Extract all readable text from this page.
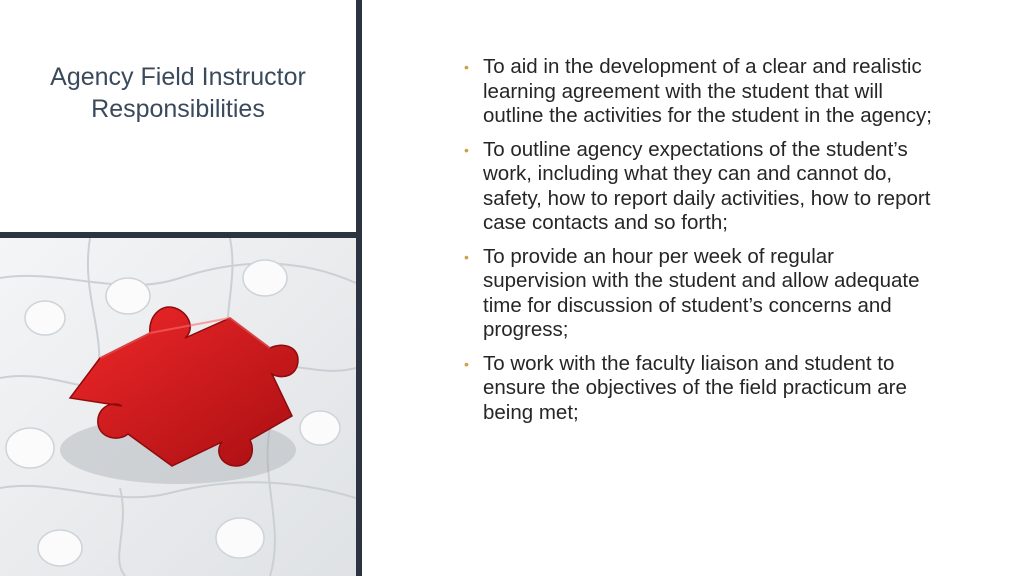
Agency Field Instructor Responsibilities
• To aid in the development of a clear and realistic learning agreement with the student that will outline the activities for the student in the agency;
• To outline agency expectations of the student’s work, including what they can and cannot do, safety, how to report daily activities, how to report case contacts and so forth;
• To provide an hour per week of regular supervision with the student and allow adequate time for discussion of student’s concerns and progress;
• To work with the faculty liaison and student to ensure the objectives of the field practicum are being met;
